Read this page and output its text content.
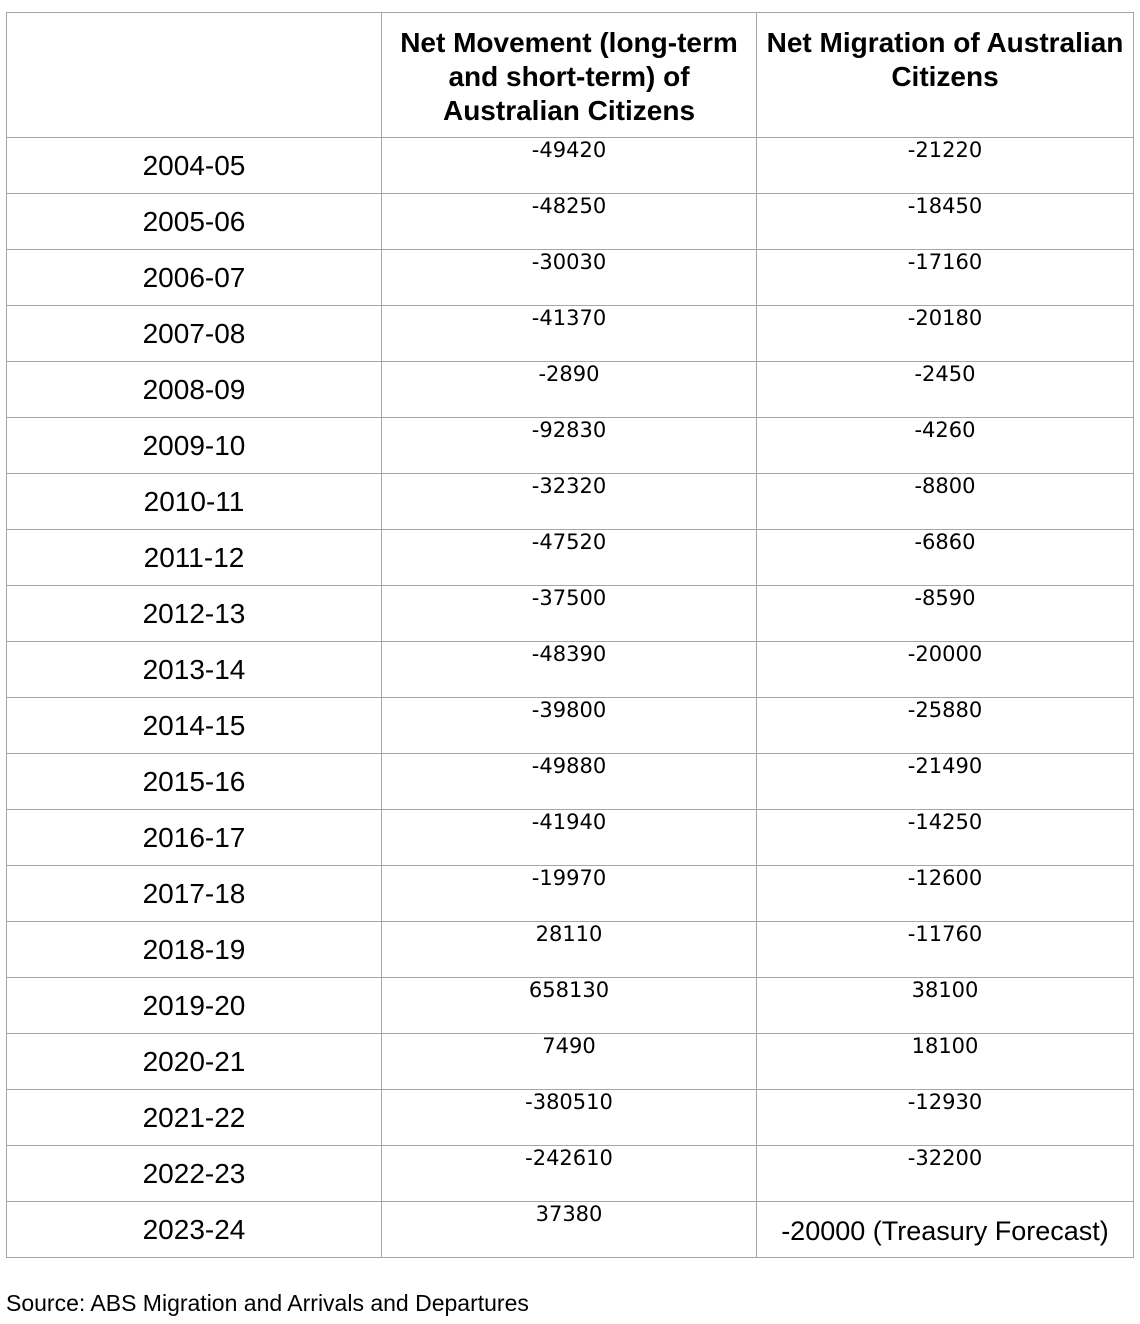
	Net Movement (long-term and short-term) of Australian Citizens	Net Migration of Australian Citizens
2004-05	-49420	-21220
2005-06	-48250	-18450
2006-07	-30030	-17160
2007-08	-41370	-20180
2008-09	-2890	-2450
2009-10	-92830	-4260
2010-11	-32320	-8800
2011-12	-47520	-6860
2012-13	-37500	-8590
2013-14	-48390	-20000
2014-15	-39800	-25880
2015-16	-49880	-21490
2016-17	-41940	-14250
2017-18	-19970	-12600
2018-19	28110	-11760
2019-20	658130	38100
2020-21	7490	18100
2021-22	-380510	-12930
2022-23	-242610	-32200
2023-24	37380	-20000 (Treasury Forecast)
Source: ABS Migration and Arrivals and Departures
